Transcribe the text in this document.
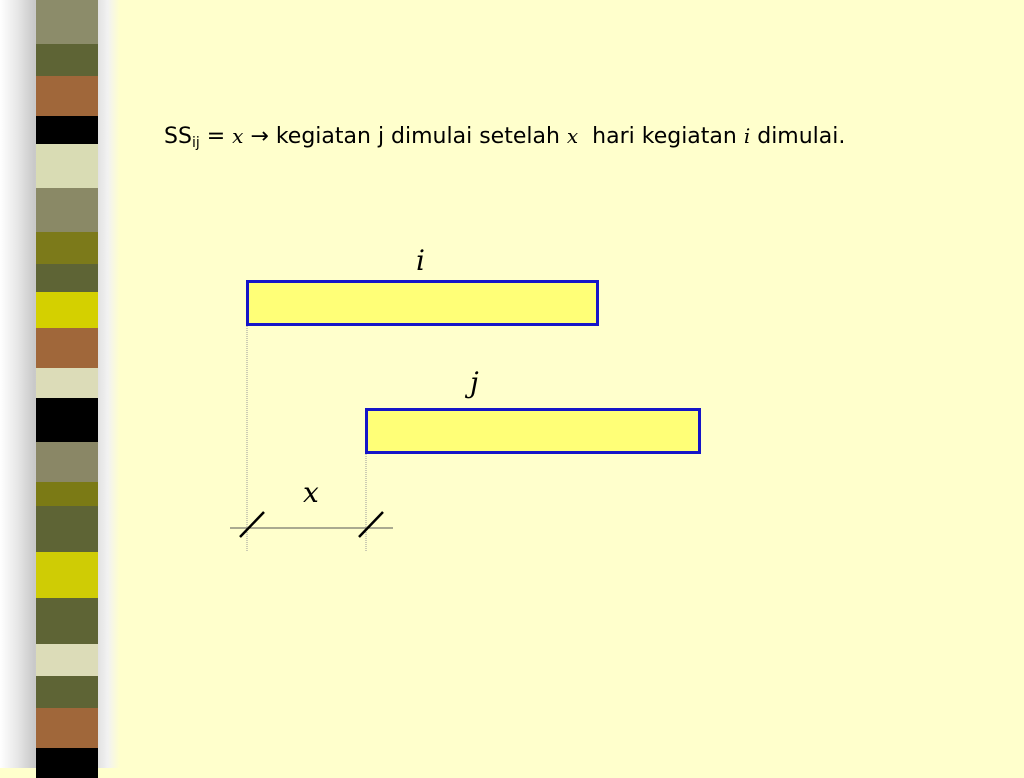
$SS_{ij} = x$ → kegiatan j dimulai setelah x  hari kegiatan i dimulai.
i
j
x
